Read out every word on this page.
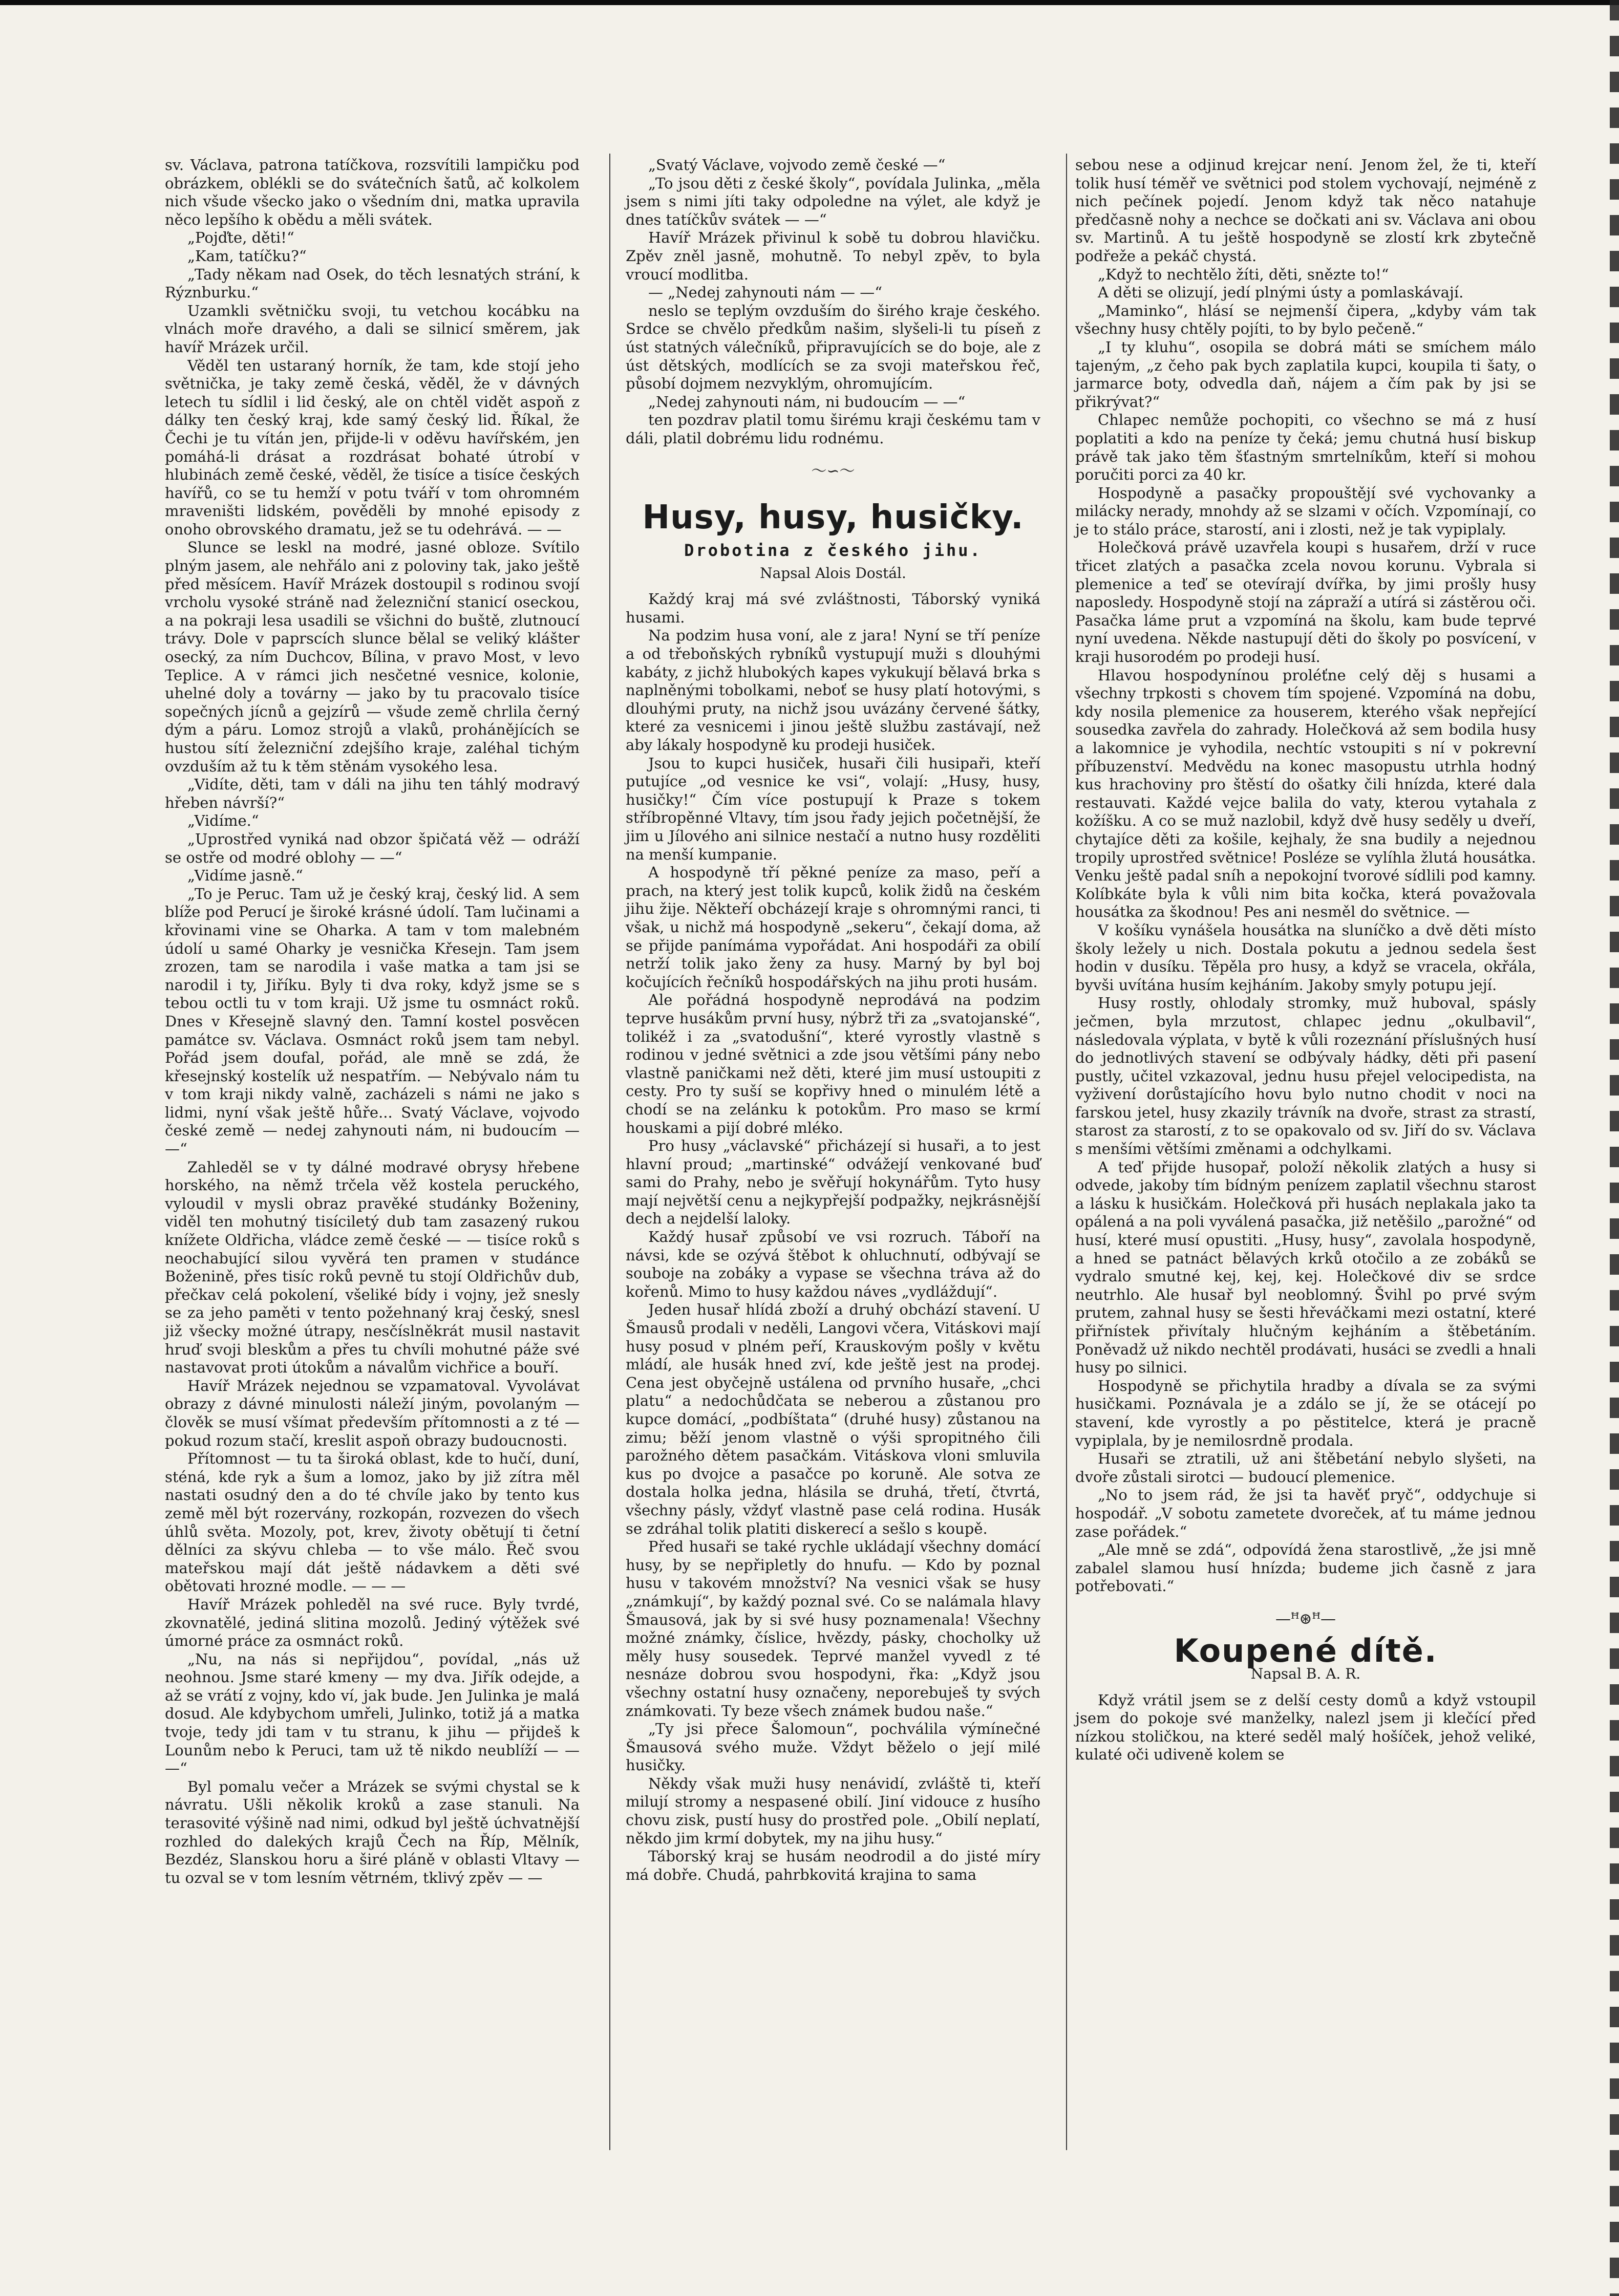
sv. Václava, patrona tatíčkova, rozsvítili lampičku pod obrázkem, oblékli se do svátečních šatů, ač kolkolem nich všude všecko jako o všedním dni, matka upravila něco lepšího k obědu a měli svátek.

„Pojďte, děti!“

„Kam, tatíčku?“

„Tady někam nad Osek, do těch lesnatých strání, k Rýznburku.“

Uzamkli světničku svoji, tu vetchou kocábku na vlnách moře dravého, a dali se silnicí směrem, jak havíř Mrázek určil.

Věděl ten ustaraný horník, že tam, kde stojí jeho světnička, je taky země česká, věděl, že v dávných letech tu sídlil i lid český, ale on chtěl vidět aspoň z dálky ten český kraj, kde samý český lid. Říkal, že Čechi je tu vítán jen, přijde-li v oděvu havířském, jen pomáhá-li drásat a rozdrásat bohaté útrobí v hlubinách země české, věděl, že tisíce a tisíce českých havířů, co se tu hemží v potu tváří v tom ohromném mraveništi lidském, pověděli by mnohé episody z onoho obrovského dramatu, jež se tu odehrává. — —

Slunce se leskl na modré, jasné obloze. Svítilo plným jasem, ale nehřálo ani z poloviny tak, jako ještě před měsícem. Havíř Mrázek dostoupil s rodinou svojí vrcholu vysoké stráně nad železniční stanicí oseckou, a na pokraji lesa usadili se všichni do buště, zlutnoucí trávy. Dole v paprscích slunce bělal se veliký klášter osecký, za ním Duchcov, Bílina, v pravo Most, v levo Teplice. A v rámci jich nesčetné vesnice, kolonie, uhelné doly a továrny — jako by tu pracovalo tisíce sopečných jícnů a gejzírů — všude země chrlila černý dým a páru. Lomoz strojů a vlaků, prohánějících se hustou sítí železniční zdejšího kraje, zaléhal tichým ovzduším až tu k těm stěnám vysokého lesa.

„Vidíte, děti, tam v dáli na jihu ten táhlý modravý hřeben návrší?“

„Vidíme.“

„Uprostřed vyniká nad obzor špičatá věž — odráží se ostře od modré oblohy — —“

„Vidíme jasně.“

„To je Peruc. Tam už je český kraj, český lid. A sem blíže pod Perucí je široké krásné údolí. Tam lučinami a křovinami vine se Oharka. A tam v tom malebném údolí u samé Oharky je vesnička Křesejn. Tam jsem zrozen, tam se narodila i vaše matka a tam jsi se narodil i ty, Jiříku. Byly ti dva roky, když jsme se s tebou octli tu v tom kraji. Už jsme tu osmnáct roků. Dnes v Křesejně slavný den. Tamní kostel posvěcen památce sv. Václava. Osmnáct roků jsem tam nebyl. Pořád jsem doufal, pořád, ale mně se zdá, že křesejnský kostelík už nespatřím. — Nebývalo nám tu v tom kraji nikdy valně, zacházeli s námi ne jako s lidmi, nyní však ještě hůře... Svatý Václave, vojvodo české země — nedej zahynouti nám, ni budoucím — —“

Zahleděl se v ty dálné modravé obrysy hřebene horského, na němž trčela věž kostela peruckého, vyloudil v mysli obraz pravěké studánky Boženiny, viděl ten mohutný tisíciletý dub tam zasazený rukou knížete Oldřicha, vládce země české — — tisíce roků s neochabující silou vyvěrá ten pramen v studánce Boženině, přes tisíc roků pevně tu stojí Oldřichův dub, přečkav celá pokolení, všeliké bídy i vojny, jež snesly se za jeho paměti v tento požehnaný kraj český, snesl již všecky možné útrapy, nesčíslněkrát musil nastavit hruď svoji bleskům a přes tu chvíli mohutné páže své nastavovat proti útokům a návalům vichřice a bouří.

Havíř Mrázek nejednou se vzpamatoval. Vyvolávat obrazy z dávné minulosti náleží jiným, povolaným — člověk se musí všímat především přítomnosti a z té — pokud rozum stačí, kreslit aspoň obrazy budoucnosti.

Přítomnost — tu ta široká oblast, kde to hučí, duní, sténá, kde ryk a šum a lomoz, jako by již zítra měl nastati osudný den a do té chvíle jako by tento kus země měl být rozervány, rozkopán, rozvezen do všech úhlů světa. Mozoly, pot, krev, životy obětují ti četní dělníci za skývu chleba — to vše málo. Řeč svou mateřskou mají dát ještě nádavkem a děti své obětovati hrozné modle. — — —

Havíř Mrázek pohleděl na své ruce. Byly tvrdé, zkovnatělé, jediná slitina mozolů. Jediný výtěžek své úmorné práce za osmnáct roků.

„Nu, na nás si nepřijdou“, povídal, „nás už neohnou. Jsme staré kmeny — my dva. Jiřík odejde, a až se vrátí z vojny, kdo ví, jak bude. Jen Julinka je malá dosud. Ale kdybychom umřeli, Julinko, totiž já a matka tvoje, tedy jdi tam v tu stranu, k jihu — přijdeš k Lounům nebo k Peruci, tam už tě nikdo neublíží — — —“

Byl pomalu večer a Mrázek se svými chystal se k návratu. Ušli několik kroků a zase stanuli. Na terasovité výšině nad nimi, odkud byl ještě úchvatnější rozhled do dalekých krajů Čech na Říp, Mělník, Bezdéz, Slanskou horu a širé pláně v oblasti Vltavy — tu ozval se v tom lesním větrném, tklivý zpěv — —

„Svatý Václave, vojvodo země české —“

„To jsou děti z české školy“, povídala Julinka, „měla jsem s nimi jíti taky odpoledne na výlet, ale když je dnes tatíčkův svátek — —“

Havíř Mrázek přivinul k sobě tu dobrou hlavičku. Zpěv zněl jasně, mohutně. To nebyl zpěv, to byla vroucí modlitba.

— „Nedej zahynouti nám — —“

neslo se teplým ovzduším do širého kraje českého. Srdce se chvělo předkům našim, slyšeli-li tu píseň z úst statných válečníků, připravujících se do boje, ale z úst dětských, modlících se za svoji mateřskou řeč, působí dojmem nezvyklým, ohromujícím.

„Nedej zahynouti nám, ni budoucím — —“

ten pozdrav platil tomu širému kraji českému tam v dáli, platil dobrému lidu rodnému.

〜∽〜
Husy, husy, husičky.
Drobotina z českého jihu.
Napsal Alois Dostál.

Každý kraj má své zvláštnosti, Táborský vyniká husami.

Na podzim husa voní, ale z jara! Nyní se tří peníze a od třeboňských rybníků vystupují muži s dlouhými kabáty, z jichž hlubokých kapes vykukují bělavá brka s naplněnými tobolkami, neboť se husy platí hotovými, s dlouhými pruty, na nichž jsou uvázány červené šátky, které za vesnicemi i jinou ještě službu zastávají, než aby lákaly hospodyně ku prodeji husiček.

Jsou to kupci husiček, husaři čili husipaři, kteří putujíce „od vesnice ke vsi“, volají: „Husy, husy, husičky!“ Čím více postupují k Praze s tokem stříbropěnné Vltavy, tím jsou řady jejich početnější, že jim u Jílového ani silnice nestačí a nutno husy rozděliti na menší kumpanie.

A hospodyně tří pěkné peníze za maso, peří a prach, na který jest tolik kupců, kolik židů na českém jihu žije. Někteří obcházejí kraje s ohromnými ranci, ti však, u nichž má hospodyně „sekeru“, čekají doma, až se přijde panímáma vypořádat. Ani hospodáři za obilí netrží tolik jako ženy za husy. Marný by byl boj kočujících řečníků hospodářských na jihu proti husám.

Ale pořádná hospodyně neprodává na podzim teprve husákům první husy, nýbrž tři za „svatojanské“, tolikéž i za „svatodušní“, které vyrostly vlastně s rodinou v jedné světnici a zde jsou většími pány nebo vlastně paničkami než děti, které jim musí ustoupiti z cesty. Pro ty suší se kopřivy hned o minulém létě a chodí se na zelánku k potokům. Pro maso se krmí houskami a pijí dobré mléko.

Pro husy „václavské“ přicházejí si husaři, a to jest hlavní proud; „martinské“ odvážejí venkované buď sami do Prahy, nebo je svěřují hokynářům. Tyto husy mají největší cenu a nejkypřejší podpažky, nejkrásnější dech a nejdelší laloky.

Každý husař způsobí ve vsi rozruch. Táboří na návsi, kde se ozývá štěbot k ohluchnutí, odbývají se souboje na zobáky a vypase se všechna tráva až do kořenů. Mimo to husy každou náves „vydláždují“.

Jeden husař hlídá zboží a druhý obchází stavení. U Šmausů prodali v neděli, Langovi včera, Vitáskovi mají husy posud v plném peří, Krauskovým pošly v květu mládí, ale husák hned zví, kde ještě jest na prodej. Cena jest obyčejně ustálena od prvního husaře, „chci platu“ a nedochůdčata se neberou a zůstanou pro kupce domácí, „podbíštata“ (druhé husy) zůstanou na zimu; běží jenom vlastně o výši spropitného čili parožného dětem pasačkám. Vitáskova vloni smluvila kus po dvojce a pasačce po koruně. Ale sotva ze dostala holka jedna, hlásila se druhá, třetí, čtvrtá, všechny pásly, vždyť vlastně pase celá rodina. Husák se zdráhal tolik platiti diskerecí a sešlo s koupě.

Před husaři se také rychle ukládají všechny domácí husy, by se nepřipletly do hnufu. — Kdo by poznal husu v takovém množství? Na vesnici však se husy „známkují“, by každý poznal své. Co se nalámala hlavy Šmausová, jak by si své husy poznamenala! Všechny možné známky, číslice, hvězdy, pásky, chocholky už měly husy sousedek. Teprvé manžel vyvedl z té nesnáze dobrou svou hospodyni, řka: „Když jsou všechny ostatní husy označeny, neporebuješ ty svých známkovati. Ty beze všech známek budou naše.“

„Ty jsi přece Šalomoun“, pochválila výmínečné Šmausová svého muže. Vždyt běželo o její milé husičky.

Někdy však muži husy nenávidí, zvláště ti, kteří milují stromy a nespasené obilí. Jiní vidouce z husího chovu zisk, pustí husy do prostřed pole. „Obilí neplatí, někdo jim krmí dobytek, my na jihu husy.“

Táborský kraj se husám neodrodil a do jisté míry má dobře. Chudá, pahrbkovitá krajina to sama

sebou nese a odjinud krejcar není. Jenom žel, že ti, kteří tolik husí téměř ve světnici pod stolem vychovají, nejméně z nich pečínek pojedí. Jenom když tak něco natahuje předčasně nohy a nechce se dočkati ani sv. Václava ani obou sv. Martinů. A tu ještě hospodyně se zlostí krk zbytečně podřeže a pekáč chystá.

„Když to nechtělo žíti, děti, snězte to!“

A děti se olizují, jedí plnými ústy a pomlaskávají.

„Maminko“, hlásí se nejmenší čipera, „kdyby vám tak všechny husy chtěly pojíti, to by bylo pečeně.“

„I ty kluhu“, osopila se dobrá máti se smíchem málo tajeným, „z čeho pak bych zaplatila kupci, koupila ti šaty, o jarmarce boty, odvedla daň, nájem a čím pak by jsi se přikrývat?“

Chlapec nemůže pochopiti, co všechno se má z husí poplatiti a kdo na peníze ty čeká; jemu chutná husí biskup právě tak jako těm šťastným smrtelníkům, kteří si mohou poručiti porci za 40 kr.

Hospodyně a pasačky propouštějí své vychovanky a milácky nerady, mnohdy až se slzami v očích. Vzpomínají, co je to stálo práce, starostí, ani i zlosti, než je tak vypiplaly.

Holečková právě uzavřela koupi s husařem, drží v ruce třicet zlatých a pasačka zcela novou korunu. Vybrala si plemenice a teď se otevírají dvířka, by jimi prošly husy naposledy. Hospodyně stojí na zápraží a utírá si zástěrou oči. Pasačka láme prut a vzpomíná na školu, kam bude teprvé nyní uvedena. Někde nastupují děti do školy po posvícení, v kraji husorodém po prodeji husí.

Hlavou hospodynínou proléťne celý děj s husami a všechny trpkosti s chovem tím spojené. Vzpomíná na dobu, kdy nosila plemenice za houserem, kterého však nepřející sousedka zavřela do zahrady. Holečková až sem bodila husy a lakomnice je vyhodila, nechtíc vstoupiti s ní v pokrevní příbuzenství. Medvědu na konec masopustu utrhla hodný kus hrachoviny pro štěstí do ošatky čili hnízda, které dala restauvati. Každé vejce balila do vaty, kterou vytahala z kožíšku. A co se muž nazlobil, když dvě husy seděly u dveří, chytajíce děti za košile, kejhaly, že sna budily a nejednou tropily uprostřed světnice! Posléze se vylíhla žlutá housátka. Venku ještě padal sníh a nepokojní tvorové sídlili pod kamny. Kolíbkáte byla k vůli nim bita kočka, která považovala housátka za škodnou! Pes ani nesměl do světnice. —

V košíku vynášela housátka na sluníčko a dvě děti místo školy ležely u nich. Dostala pokutu a jednou sedela šest hodin v dusíku. Těpěla pro husy, a když se vracela, okřála, byvši uvítána husím kejháním. Jakoby smyly potupu její.

Husy rostly, ohlodaly stromky, muž huboval, spásly ječmen, byla mrzutost, chlapec jednu „okulbavil“, následovala výplata, v byt‍ě k vůli rozeznání příslušných husí do jednotlivých stavení se odbývaly hádky, děti při pasení pustly, učitel vzkazoval, jednu husu přejel velocipedista, na vyživení dorůstajícího hovu bylo nutno chodit v noci na farskou jetel, husy zkazily trávník na dvoře, strast za strastí, starost za starostí, z to se opakovalo od sv. Jiří do sv. Václava s menšími většími změnami a odchylkami.

A teď přijde husopař, položí několik zlatých a husy si odvede, jakoby tím bídným penízem zaplatil všechnu starost a lásku k husičkám. Holečková při husách neplakala jako ta opálená a na poli vyválená pasačka, již netěšilo „parožné“ od husí, které musí opustiti. „Husy, husy“, zavolala hospodyně, a hned se patnáct bělavých krků otočilo a ze zobáků se vydralo smutné kej, kej, kej. Holečkové div se srdce neutrhlo. Ale husař byl neoblomný. Švihl po prvé svým prutem, zahnal husy se šesti hřeváčkami mezi ostatní, které přiřnístek přivítaly hlučným kejháním a štěbetáním. Poněvadž už nikdo nechtěl prodávati, husáci se zvedli a hnali husy po silnici.

Hospodyně se přichytila hradby a dívala se za svými husičkami. Poznávala je a zdálo se jí, že se otácejí po stavení, kde vyrostly a po pěstitelce, která je pracně vypiplala, by je nemilosrdně prodala.

Husaři se ztratili, už ani štěbetání nebylo slyšeti, na dvoře zůstali sirotci — budoucí plemenice.

„No to jsem rád, že jsi ta havěť pryč“, oddychuje si hospodář. „V sobotu zametete dvoreček, ať tu máme jednou zase pořádek.“

„Ale mně se zdá“, odpovídá žena starostlivě, „že jsi mně zabalel slamou husí hnízda; budeme jich časně z jara potřebovati.“

—ꟸ⊛ꟸ—
Koupené dítě.
Napsal B. A. R.

Když vrátil jsem se z delší cesty domů a když vstoupil jsem do pokoje své manželky, nalezl jsem ji klečící před nízkou stoličkou, na které seděl malý hošíček, jehož veliké, kulaté oči udiveně kolem se
